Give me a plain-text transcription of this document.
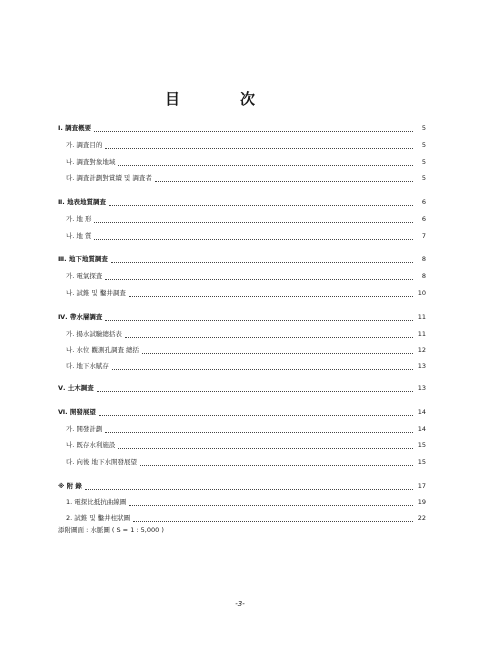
目次
Ⅰ. 調査槪要	5
가. 調査目的	5
나. 調査對象地域	5
다. 調査計劃對賞續 및 調査者	5
Ⅱ. 地表地質調査	6
가. 地 形	6
나. 地 質	7
Ⅲ. 地下地質調査	8
가. 電氣探査	8
나. 試錐 및 鑿井調査	10
Ⅳ. 帶水層調査	11
가. 揚水試驗總括表	11
나. 水位 觀測孔調査 總括	12
다. 地下水賦存	13
Ⅴ. 土木調査	13
Ⅵ. 開發展望	14
가. 開發計劃	14
나. 既存水利施設	15
다. 向後 地下水開發展望	15
※ 附 錄	17
1. 電探比抵抗曲線圖	19
2. 試錐 및 鑿井柱狀圖	22
添附圖面 : 水脈圖 ( S = 1 : 5,000 )
-3-
